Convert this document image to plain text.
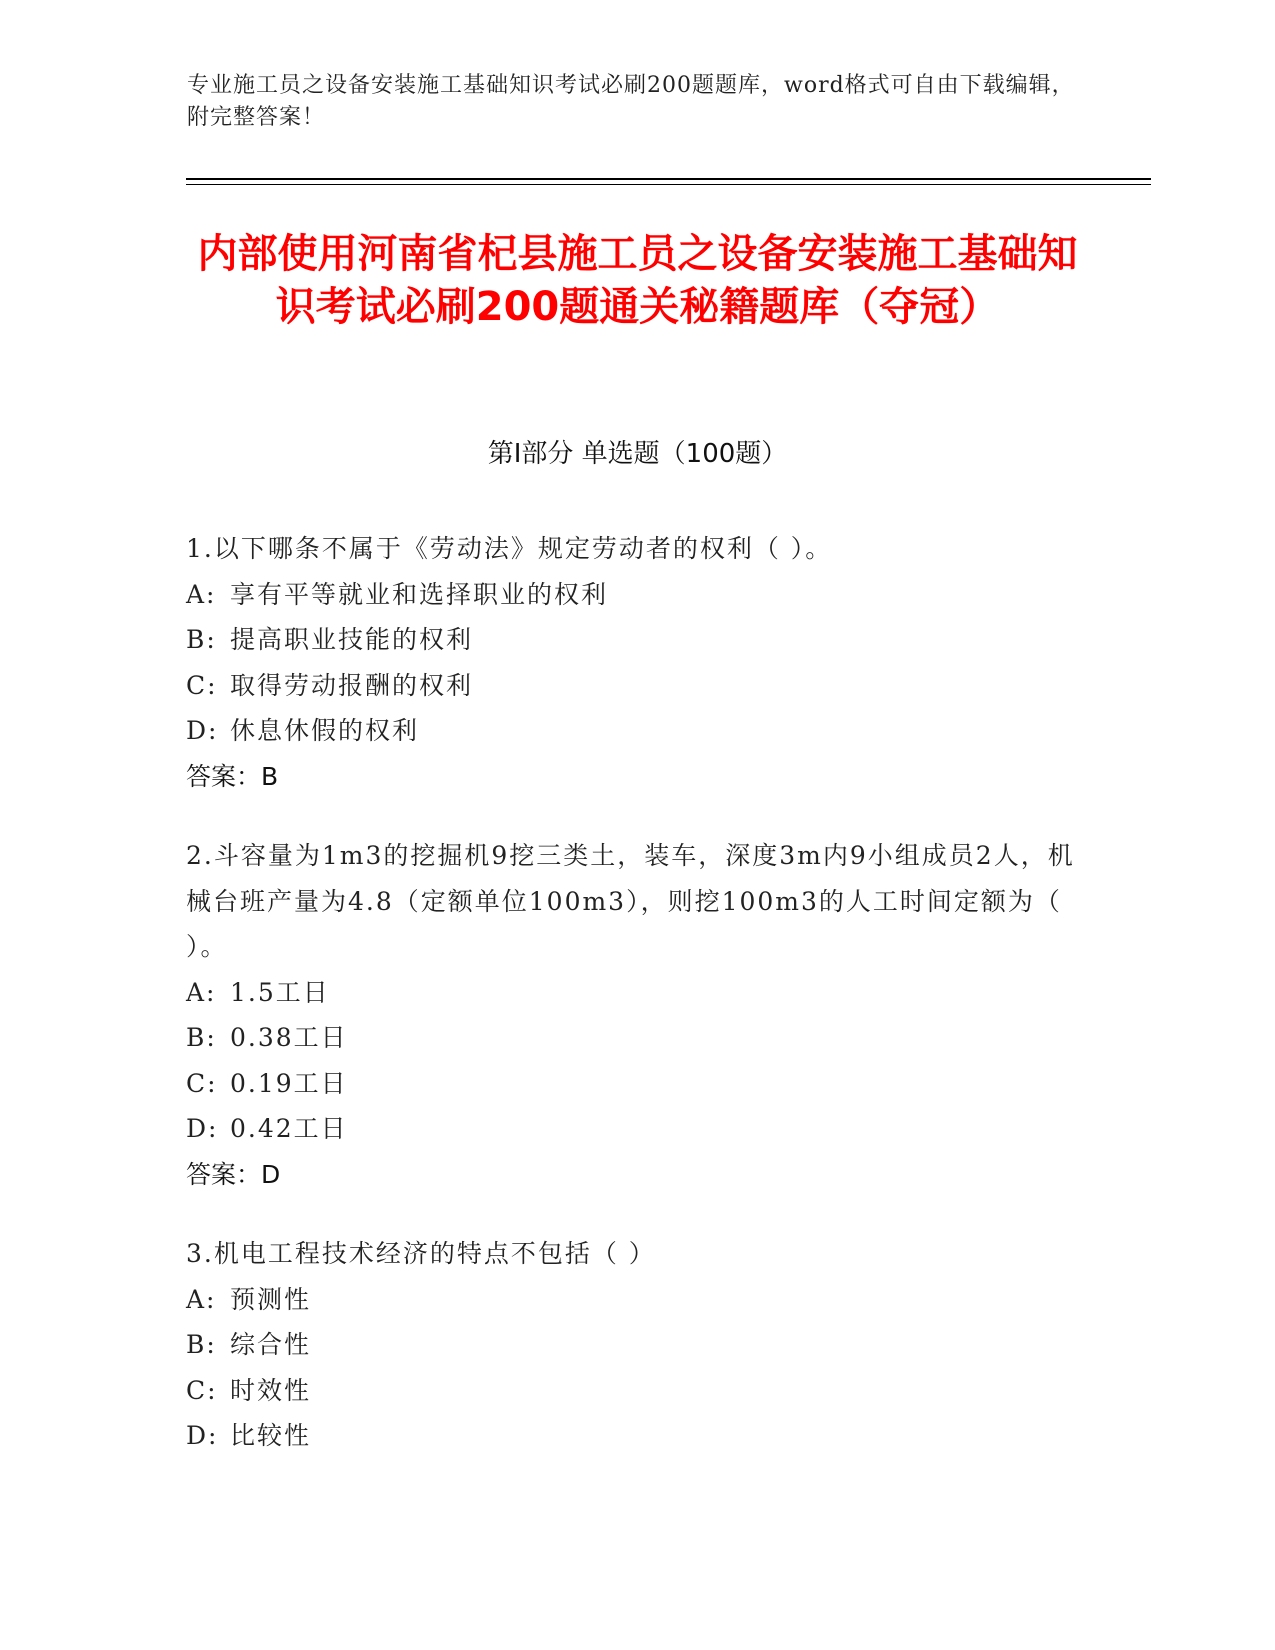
专业施工员之设备安装施工基础知识考试必刷200题题库，word格式可自由下载编辑，附完整答案！
内部使用河南省杞县施工员之设备安装施工基础知识考试必刷200题通关秘籍题库（夺冠）
第Ⅰ部分 单选题（100题）
1.以下哪条不属于《劳动法》规定劳动者的权利（ ）。
A: 享有平等就业和选择职业的权利
B: 提高职业技能的权利
C: 取得劳动报酬的权利
D: 休息休假的权利
答案：B
2.斗容量为1m3的挖掘机9挖三类土，装车，深度3m内9小组成员2人，机械台班产量为4.8（定额单位100m3），则挖100m3的人工时间定额为（ ）。
A: 1.5工日
B: 0.38工日
C: 0.19工日
D: 0.42工日
答案：D
3.机电工程技术经济的特点不包括（ ）
A: 预测性
B: 综合性
C: 时效性
D: 比较性
